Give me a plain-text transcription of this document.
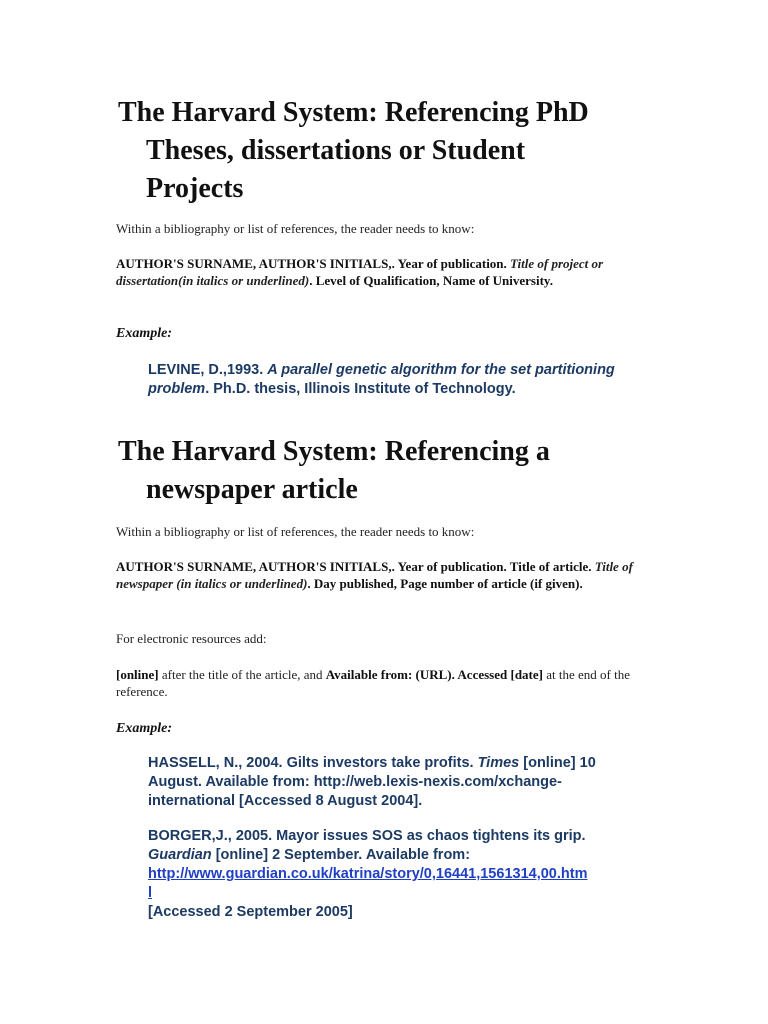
The Harvard System: Referencing PhD
Theses, dissertations or Student
Projects

Within a bibliography or list of references, the reader needs to know:

AUTHOR'S SURNAME, AUTHOR'S INITIALS,. Year of publication. Title of project or dissertation(in italics or underlined). Level of Qualification, Name of University.

Example:
LEVINE, D.,1993. A parallel genetic algorithm for the set partitioning problem. Ph.D. thesis, Illinois Institute of Technology.
The Harvard System: Referencing a
newspaper article

Within a bibliography or list of references, the reader needs to know:

AUTHOR'S SURNAME, AUTHOR'S INITIALS,. Year of publication. Title of article. Title of newspaper (in italics or underlined). Day published, Page number of article (if given).

For electronic resources add:

[online] after the title of the article, and Available from: (URL). Accessed [date] at the end of the reference.

Example:
HASSELL, N., 2004. Gilts investors take profits. Times [online] 10 August. Available from: http://web.lexis-nexis.com/xchange-international [Accessed 8 August 2004].
BORGER,J., 2005. Mayor issues SOS as chaos tightens its grip.
Guardian [online] 2 September. Available from:
http://www.guardian.co.uk/katrina/story/0,16441,1561314,00.htm
l
[Accessed 2 September 2005]
